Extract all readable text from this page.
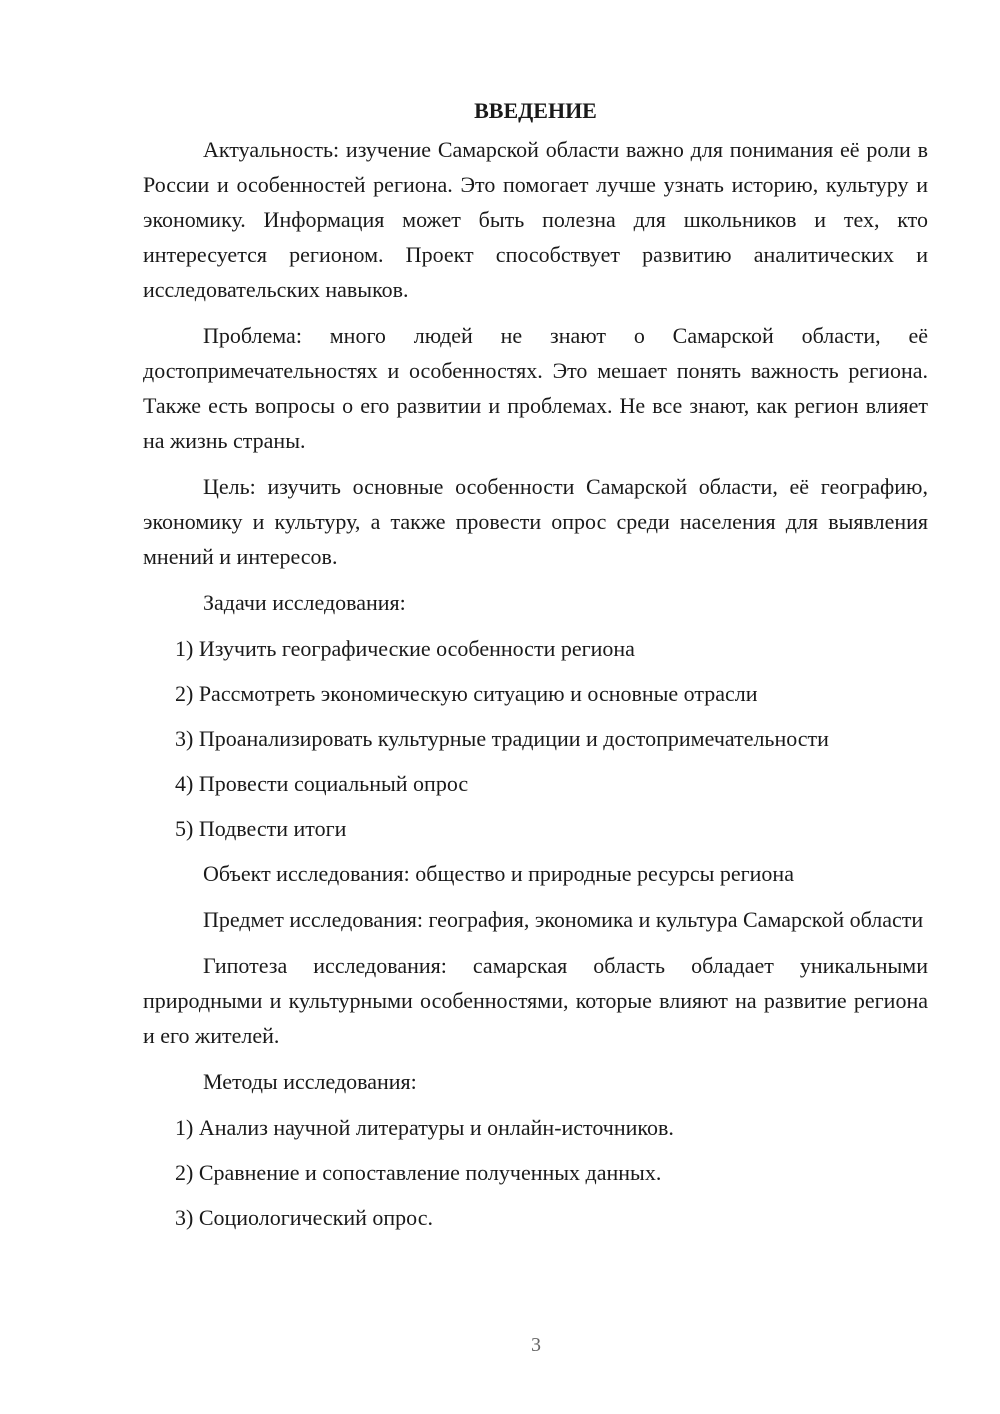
ВВЕДЕНИЕ

Актуальность: изучение Самарской области важно для понимания её роли в России и особенностей региона. Это помогает лучше узнать историю, культуру и экономику. Информация может быть полезна для школьников и тех, кто интересуется регионом. Проект способствует развитию аналитических и исследовательских навыков.

Проблема: много людей не знают о Самарской области, её достопримечательностях и особенностях. Это мешает понять важность региона. Также есть вопросы о его развитии и проблемах. Не все знают, как регион влияет на жизнь страны.

Цель: изучить основные особенности Самарской области, её географию, экономику и культуру, а также провести опрос среди населения для выявления мнений и интересов.

Задачи исследования:
1) Изучить географические особенности региона
2) Рассмотреть экономическую ситуацию и основные отрасли
3) Проанализировать культурные традиции и достопримечательности
4) Провести социальный опрос
5) Подвести итоги

Объект исследования: общество и природные ресурсы региона

Предмет исследования: география, экономика и культура Самарской области

Гипотеза исследования: самарская область обладает уникальными природными и культурными особенностями, которые влияют на развитие региона и его жителей.

Методы исследования:
1) Анализ научной литературы и онлайн-источников.
2) Сравнение и сопоставление полученных данных.
3) Социологический опрос.
3
